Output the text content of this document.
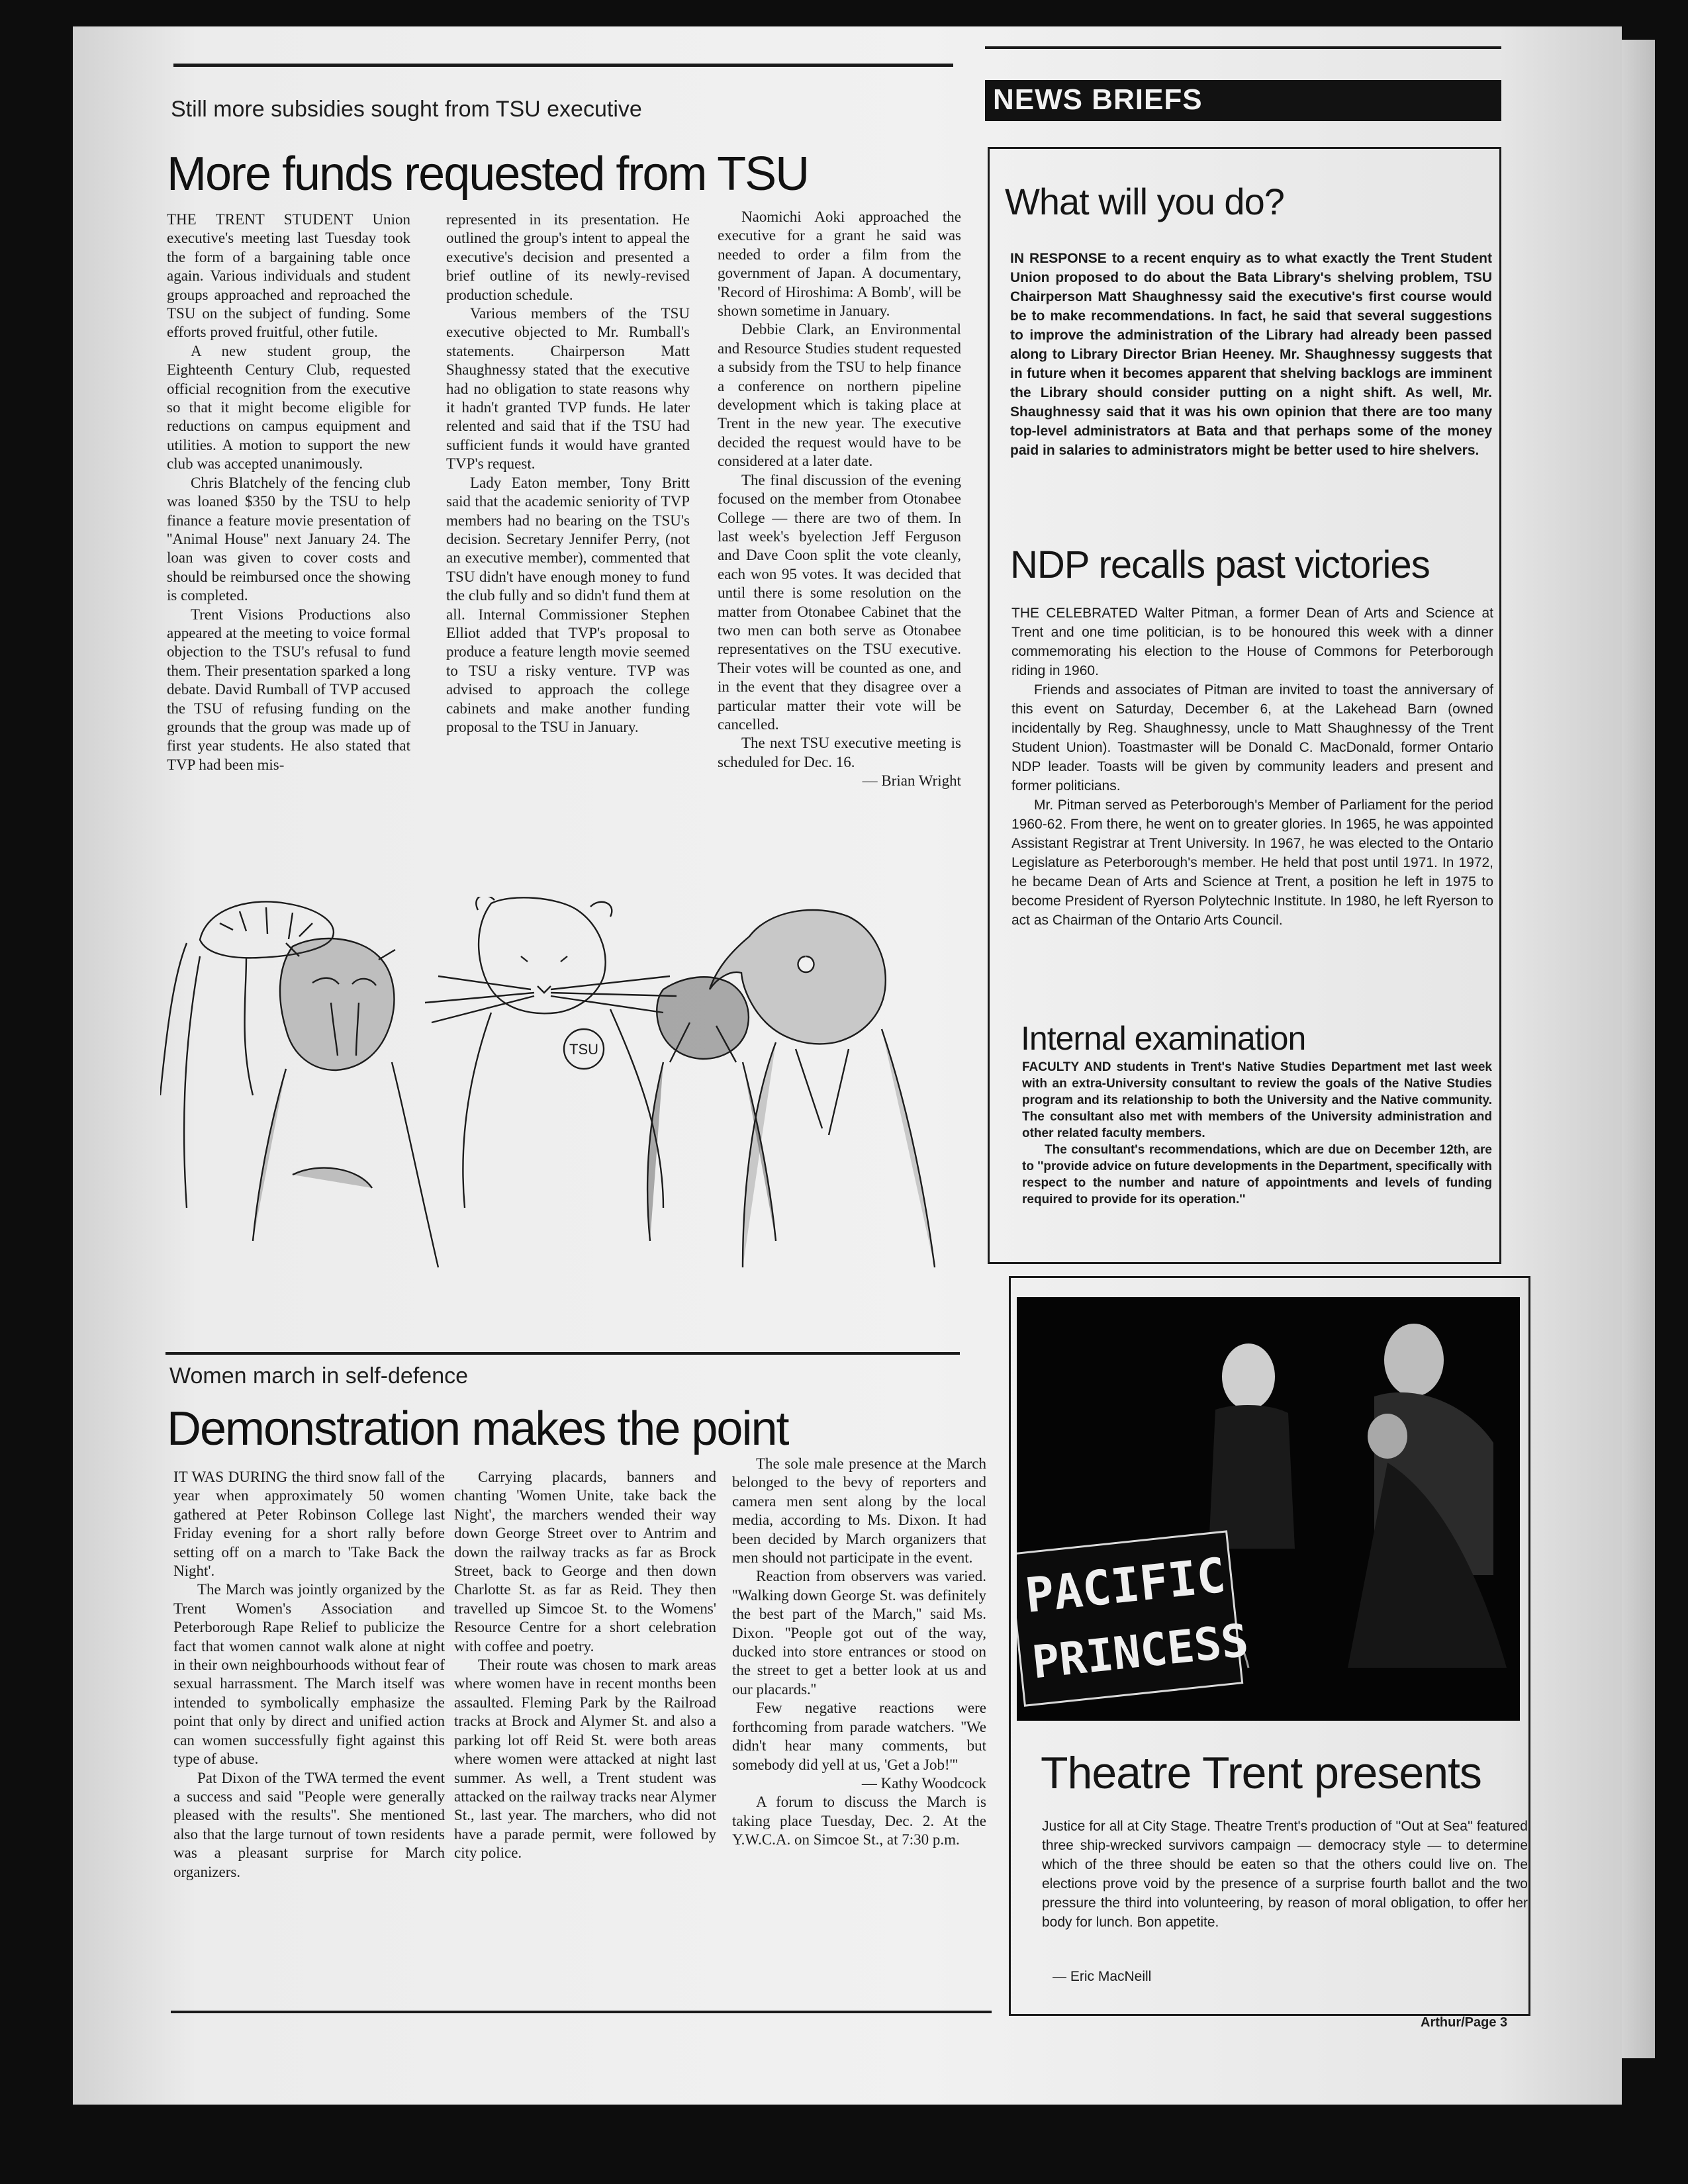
Still more subsidies sought from TSU executive
More funds requested from TSU

THE TRENT STUDENT Union executive's meeting last Tuesday took the form of a bargaining table once again. Various individuals and student groups approached and reproached the TSU on the subject of funding. Some efforts proved fruitful, other futile.

A new student group, the Eighteenth Century Club, requested official recognition from the executive so that it might become eligible for reductions on campus equipment and utilities. A motion to support the new club was accepted unanimously.

Chris Blatchely of the fencing club was loaned $350 by the TSU to help finance a feature movie presentation of ''Animal House'' next January 24. The loan was given to cover costs and should be reimbursed once the showing is completed.

Trent Visions Productions also appeared at the meeting to voice formal objection to the TSU's refusal to fund them. Their presentation sparked a long debate. David Rumball of TVP accused the TSU of refusing funding on the grounds that the group was made up of first year students. He also stated that TVP had been mis-

represented in its presentation. He outlined the group's intent to appeal the executive's decision and presented a brief outline of its newly-revised production schedule.

Various members of the TSU executive objected to Mr. Rumball's statements. Chairperson Matt Shaughnessy stated that the executive had no obligation to state reasons why it hadn't granted TVP funds. He later relented and said that if the TSU had sufficient funds it would have granted TVP's request.

Lady Eaton member, Tony Britt said that the academic seniority of TVP members had no bearing on the TSU's decision. Secretary Jennifer Perry, (not an executive member), commented that TSU didn't have enough money to fund the club fully and so didn't fund them at all. Internal Commissioner Stephen Elliot added that TVP's proposal to produce a feature length movie seemed to TSU a risky venture. TVP was advised to approach the college cabinets and make another funding proposal to the TSU in January.

Naomichi Aoki approached the executive for a grant he said was needed to order a film from the government of Japan. A documentary, 'Record of Hiroshima: A Bomb', will be shown sometime in January.

Debbie Clark, an Environmental and Resource Studies student requested a subsidy from the TSU to help finance a conference on northern pipeline development which is taking place at Trent in the new year. The executive decided the request would have to be considered at a later date.

The final discussion of the evening focused on the member from Otonabee College — there are two of them. In last week's byelection Jeff Ferguson and Dave Coon split the vote cleanly, each won 95 votes. It was decided that until there is some resolution on the matter from Otonabee Cabinet that the two men can both serve as Otonabee representatives on the TSU executive. Their votes will be counted as one, and in the event that they disagree over a particular matter their vote will be cancelled.

The next TSU executive meeting is scheduled for Dec. 16.

— Brian Wright

TSU
Women march in self-defence
Demonstration makes the point

IT WAS DURING the third snow fall of the year when approximately 50 women gathered at Peter Robinson College last Friday evening for a short rally before setting off on a march to 'Take Back the Night'.

The March was jointly organized by the Trent Women's Association and Peterborough Rape Relief to publicize the fact that women cannot walk alone at night in their own neighbourhoods without fear of sexual harrassment. The March itself was intended to symbolically emphasize the point that only by direct and unified action can women successfully fight against this type of abuse.

Pat Dixon of the TWA termed the event a success and said ''People were generally pleased with the results''. She mentioned also that the large turnout of town residents was a pleasant surprise for March organizers.

Carrying placards, banners and chanting 'Women Unite, take back the Night', the marchers wended their way down George Street over to Antrim and down the railway tracks as far as Brock Street, back to George and then down Charlotte St. as far as Reid. They then travelled up Simcoe St. to the Womens' Resource Centre for a short celebration with coffee and poetry.

Their route was chosen to mark areas where women have in recent months been assaulted. Fleming Park by the Railroad tracks at Brock and Alymer St. and also a parking lot off Reid St. were both areas where women were attacked at night last summer. As well, a Trent student was attacked on the railway tracks near Alymer St., last year. The marchers, who did not have a parade permit, were followed by city police.

The sole male presence at the March belonged to the bevy of reporters and camera men sent along by the local media, according to Ms. Dixon. It had been decided by March organizers that men should not participate in the event.

Reaction from observers was varied. ''Walking down George St. was definitely the best part of the March,'' said Ms. Dixon. ''People got out of the way, ducked into store entrances or stood on the street to get a better look at us and our placards.''

Few negative reactions were forthcoming from parade watchers. ''We didn't hear many comments, but somebody did yell at us, 'Get a Job!'''

— Kathy Woodcock

A forum to discuss the March is taking place Tuesday, Dec. 2. At the Y.W.C.A. on Simcoe St., at 7:30 p.m.

NEWS BRIEFS
What will you do?

IN RESPONSE to a recent enquiry as to what exactly the Trent Student Union proposed to do about the Bata Library's shelving problem, TSU Chairperson Matt Shaughnessy said the executive's first course would be to make recommendations. In fact, he said that several suggestions to improve the administration of the Library had already been passed along to Library Director Brian Heeney. Mr. Shaughnessy suggests that in future when it becomes apparent that shelving backlogs are imminent the Library should consider putting on a night shift. As well, Mr. Shaughnessy said that it was his own opinion that there are too many top-level administrators at Bata and that perhaps some of the money paid in salaries to administrators might be better used to hire shelvers.

NDP recalls past victories

THE CELEBRATED Walter Pitman, a former Dean of Arts and Science at Trent and one time politician, is to be honoured this week with a dinner commemorating his election to the House of Commons for Peterborough riding in 1960.

Friends and associates of Pitman are invited to toast the anniversary of this event on Saturday, December 6, at the Lakehead Barn (owned incidentally by Reg. Shaughnessy, uncle to Matt Shaughnessy of the Trent Student Union). Toastmaster will be Donald C. MacDonald, former Ontario NDP leader. Toasts will be given by community leaders and present and former politicians.

Mr. Pitman served as Peterborough's Member of Parliament for the period 1960-62. From there, he went on to greater glories. In 1965, he was appointed Assistant Registrar at Trent University. In 1967, he was elected to the Ontario Legislature as Peterborough's member. He held that post until 1971. In 1972, he became Dean of Arts and Science at Trent, a position he left in 1975 to become President of Ryerson Polytechnic Institute. In 1980, he left Ryerson to act as Chairman of the Ontario Arts Council.

Internal examination

FACULTY AND students in Trent's Native Studies Department met last week with an extra-University consultant to review the goals of the Native Studies program and its relationship to both the University and the Native community. The consultant also met with members of the University administration and other related faculty members.

The consultant's recommendations, which are due on December 12th, are to ''provide advice on future developments in the Department, specifically with respect to the number and nature of appointments and levels of funding required to provide for its operation.''

PACIFIC
PRINCESS
Theatre Trent presents

Justice for all at City Stage. Theatre Trent's production of ''Out at Sea'' featured three ship-wrecked survivors campaign — democracy style — to determine which of the three should be eaten so that the others could live on. The elections prove void by the presence of a surprise fourth ballot and the two pressure the third into volunteering, by reason of moral obligation, to offer her body for lunch. Bon appetite.

— Eric MacNeill
Arthur/Page 3
